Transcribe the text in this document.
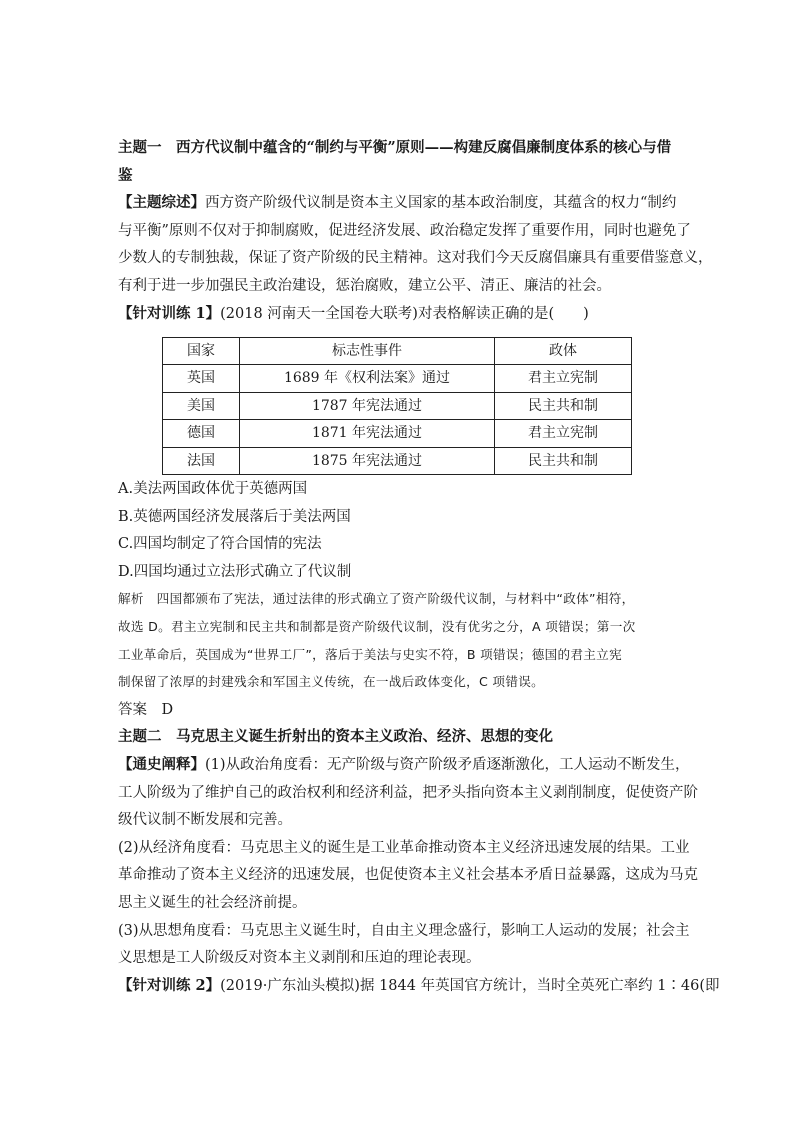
主题一　西方代议制中蕴含的“制约与平衡”原则——构建反腐倡廉制度体系的核心与借
鉴
【主题综述】西方资产阶级代议制是资本主义国家的基本政治制度，其蕴含的权力“制约
与平衡”原则不仅对于抑制腐败，促进经济发展、政治稳定发挥了重要作用，同时也避免了
少数人的专制独裁，保证了资产阶级的民主精神。这对我们今天反腐倡廉具有重要借鉴意义，
有利于进一步加强民主政治建设，惩治腐败，建立公平、清正、廉洁的社会。
【针对训练 1】(2018 河南天一全国卷大联考)对表格解读正确的是(　　)
国家	标志性事件	政体
英国	1689 年《权利法案》通过	君主立宪制
美国	1787 年宪法通过	民主共和制
德国	1871 年宪法通过	君主立宪制
法国	1875 年宪法通过	民主共和制
A.美法两国政体优于英德两国
B.英德两国经济发展落后于美法两国
C.四国均制定了符合国情的宪法
D.四国均通过立法形式确立了代议制
解析　四国都颁布了宪法，通过法律的形式确立了资产阶级代议制，与材料中“政体”相符，
故选 D。君主立宪制和民主共和制都是资产阶级代议制，没有优劣之分，A 项错误；第一次
工业革命后，英国成为“世界工厂”，落后于美法与史实不符，B 项错误；德国的君主立宪
制保留了浓厚的封建残余和军国主义传统，在一战后政体变化，C 项错误。
答案　D
主题二　马克思主义诞生折射出的资本主义政治、经济、思想的变化
【通史阐释】(1)从政治角度看：无产阶级与资产阶级矛盾逐渐激化，工人运动不断发生，
工人阶级为了维护自己的政治权利和经济利益，把矛头指向资本主义剥削制度，促使资产阶
级代议制不断发展和完善。
(2)从经济角度看：马克思主义的诞生是工业革命推动资本主义经济迅速发展的结果。工业
革命推动了资本主义经济的迅速发展，也促使资本主义社会基本矛盾日益暴露，这成为马克
思主义诞生的社会经济前提。
(3)从思想角度看：马克思主义诞生时，自由主义理念盛行，影响工人运动的发展；社会主
义思想是工人阶级反对资本主义剥削和压迫的理论表现。
【针对训练 2】(2019·广东汕头模拟)据 1844 年英国官方统计，当时全英死亡率约 1∶46(即
